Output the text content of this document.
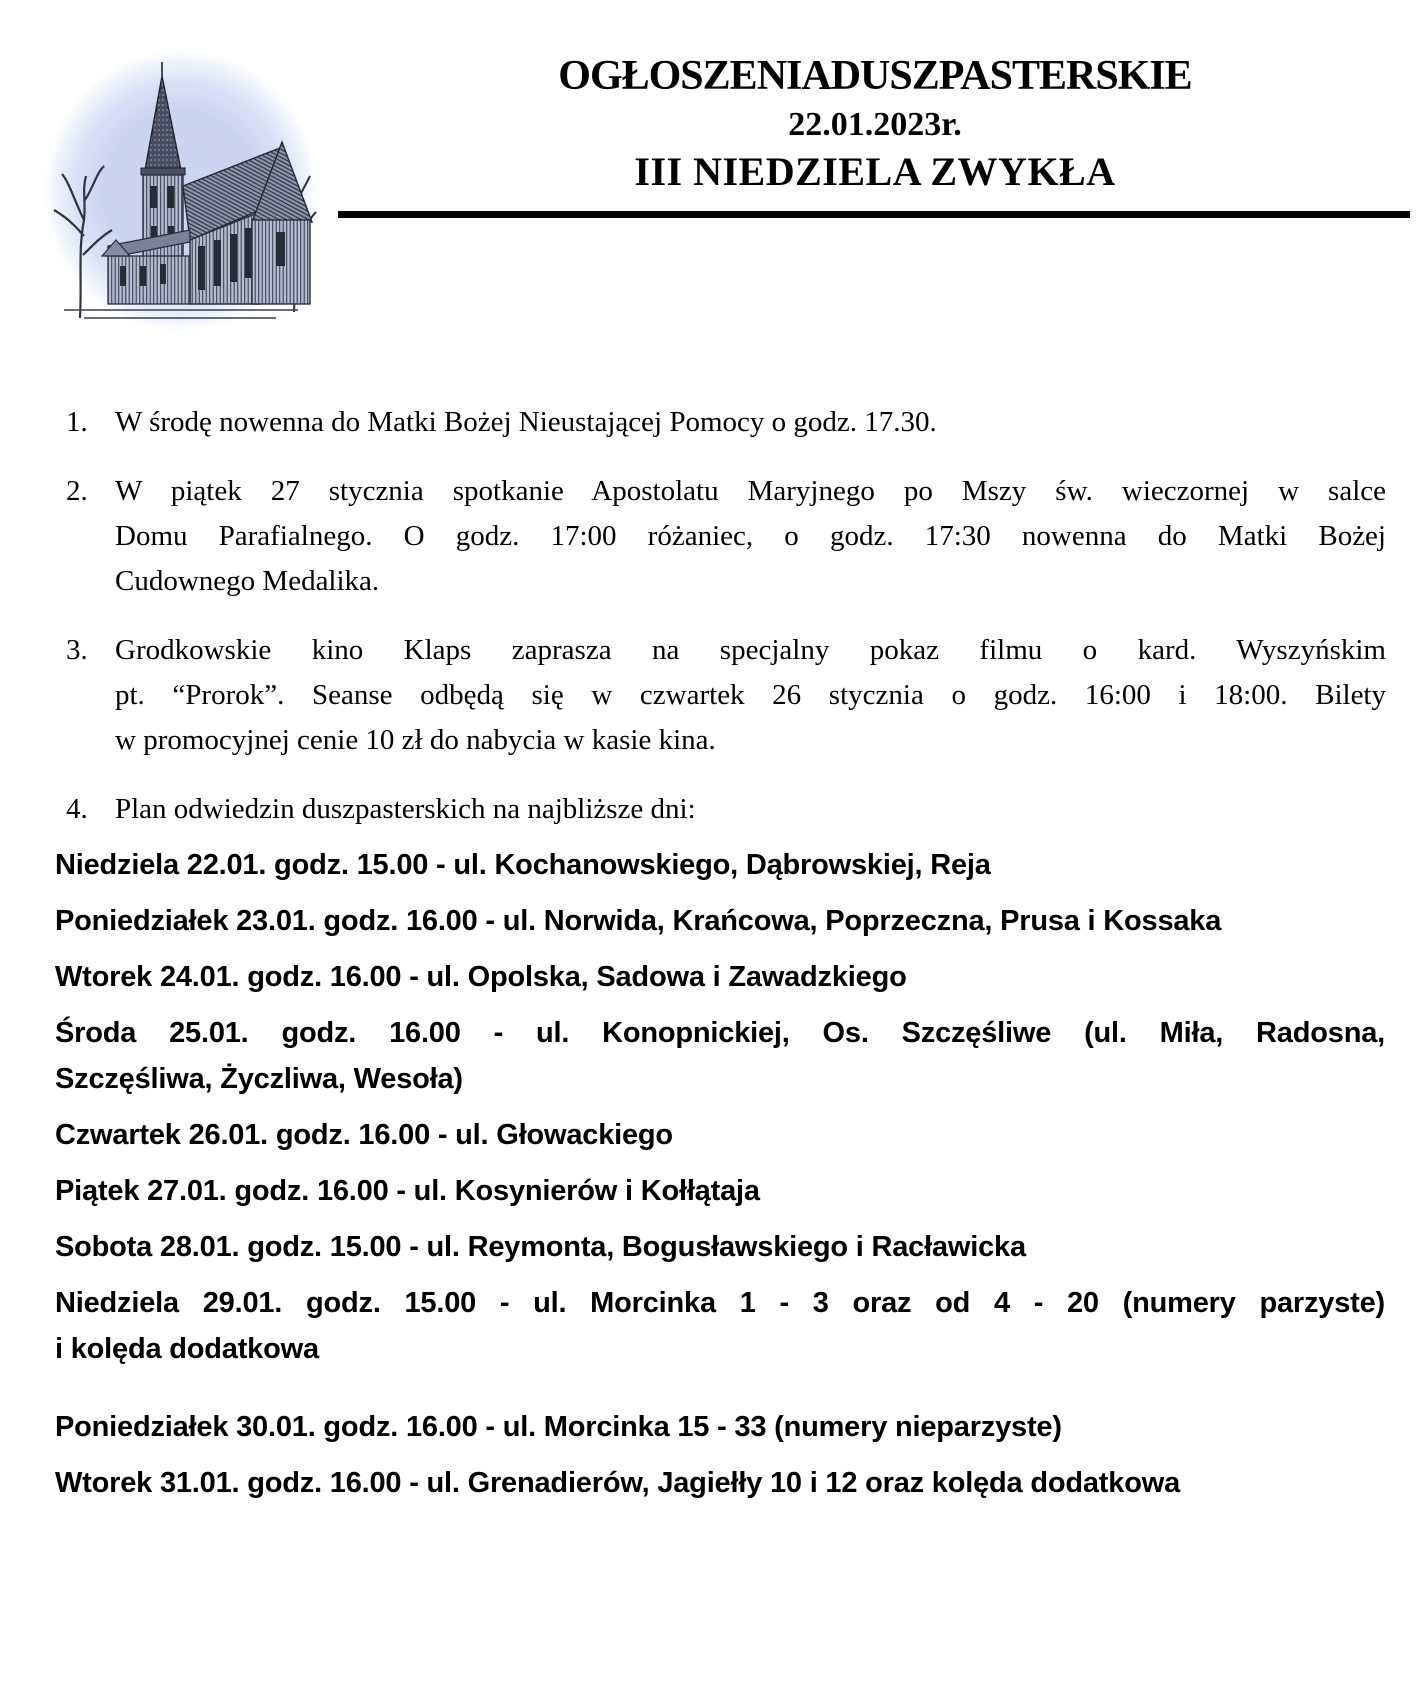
OGŁOSZENIADUSZPASTERSKIE
22.01.2023r.
III NIEDZIELA ZWYKŁA
1. W środę nowenna do Matki Bożej Nieustającej Pomocy o godz. 17.30.
2. W piątek 27 stycznia spotkanie Apostolatu Maryjnego po Mszy św. wieczornej w salce
Domu Parafialnego. O godz. 17:00 różaniec, o godz. 17:30 nowenna do Matki Bożej
Cudownego Medalika.
3. Grodkowskie kino Klaps zaprasza na specjalny pokaz filmu o kard. Wyszyńskim
pt. “Prorok”. Seanse odbędą się w czwartek 26 stycznia o godz. 16:00 i 18:00. Bilety
w promocyjnej cenie 10 zł do nabycia w kasie kina.
4. Plan odwiedzin duszpasterskich na najbliższe dni:
Niedziela 22.01. godz. 15.00 - ul. Kochanowskiego, Dąbrowskiej, Reja
Poniedziałek 23.01. godz. 16.00 - ul. Norwida, Krańcowa, Poprzeczna, Prusa i Kossaka
Wtorek 24.01. godz. 16.00 - ul. Opolska, Sadowa i Zawadzkiego
Środa 25.01. godz. 16.00 - ul. Konopnickiej, Os. Szczęśliwe (ul. Miła, Radosna,
Szczęśliwa, Życzliwa, Wesoła)
Czwartek 26.01. godz. 16.00 - ul. Głowackiego
Piątek 27.01. godz. 16.00 - ul. Kosynierów i Kołłątaja
Sobota 28.01. godz. 15.00 - ul. Reymonta, Bogusławskiego i Racławicka
Niedziela 29.01. godz. 15.00 - ul. Morcinka 1 - 3 oraz od 4 - 20 (numery parzyste)
i kolęda dodatkowa
Poniedziałek 30.01. godz. 16.00 - ul. Morcinka 15 - 33 (numery nieparzyste)
Wtorek 31.01. godz. 16.00 - ul. Grenadierów, Jagiełły 10 i 12 oraz kolęda dodatkowa
